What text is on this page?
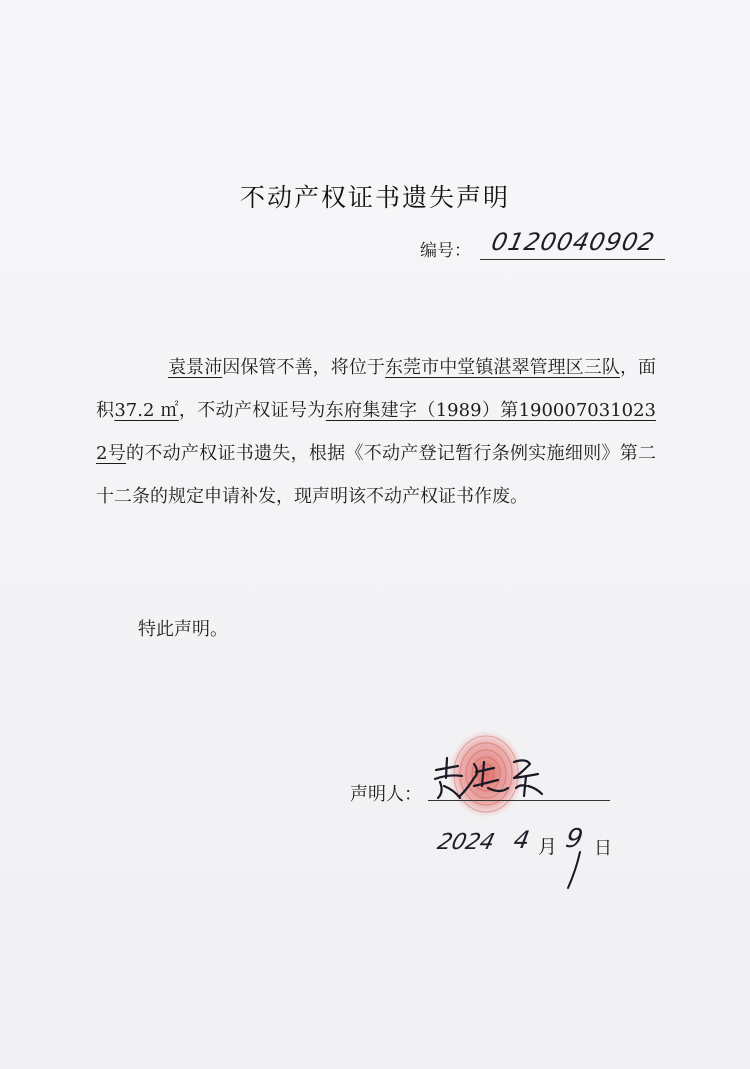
不动产权证书遗失声明
编号： 0120040902
袁景沛因保管不善，将位于东莞市中堂镇湛翠管理区三队，面积37.2 ㎡，不动产权证号为东府集建字（1989）第1900070310232号的不动产权证书遗失，根据《不动产登记暂行条例实施细则》第二十二条的规定申请补发，现声明该不动产权证书作废。
特此声明。
声明人：
2024 4 月 9 日
